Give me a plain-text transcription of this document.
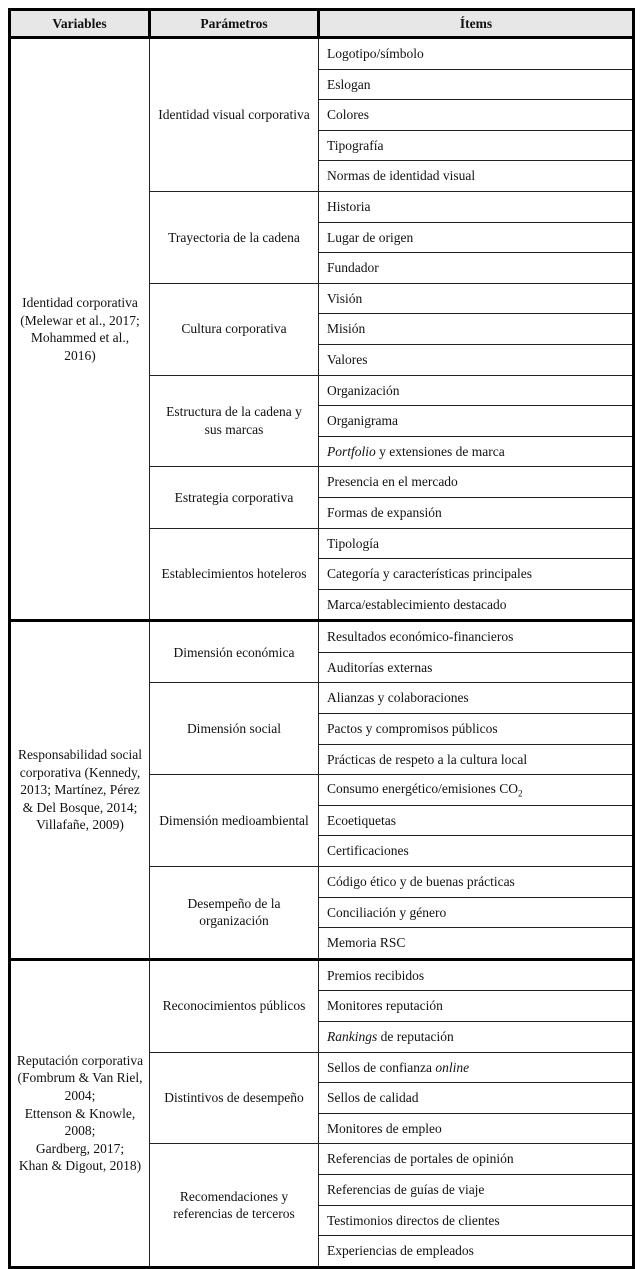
Variables	Parámetros	Ítems
Identidad corporativa
(Melewar et al., 2017;
Mohammed et al.,
2016)	Identidad visual corporativa	Logotipo/símbolo
		Eslogan
		Colores
		Tipografía
		Normas de identidad visual
	Trayectoria de la cadena	Historia
		Lugar de origen
		Fundador
	Cultura corporativa	Visión
		Misión
		Valores
	Estructura de la cadena y sus marcas	Organización
		Organigrama
		Portfolio y extensiones de marca
	Estrategia corporativa	Presencia en el mercado
		Formas de expansión
	Establecimientos hoteleros	Tipología
		Categoría y características principales
		Marca/establecimiento destacado
Responsabilidad social
corporativa (Kennedy,
2013; Martínez, Pérez
& Del Bosque, 2014;
Villafañe, 2009)	Dimensión económica	Resultados económico-financieros
		Auditorías externas
	Dimensión social	Alianzas y colaboraciones
		Pactos y compromisos públicos
		Prácticas de respeto a la cultura local
	Dimensión medioambiental	Consumo energético/emisiones $CO_2$
		Ecoetiquetas
		Certificaciones
	Desempeño de la organización	Código ético y de buenas prácticas
		Conciliación y género
		Memoria RSC
Reputación corporativa
(Fombrum & Van Riel,
2004;
Ettenson & Knowle,
2008;
Gardberg, 2017;
Khan & Digout, 2018)	Reconocimientos públicos	Premios recibidos
		Monitores reputación
		Rankings de reputación
	Distintivos de desempeño	Sellos de confianza online
		Sellos de calidad
		Monitores de empleo
	Recomendaciones y referencias de terceros	Referencias de portales de opinión
		Referencias de guías de viaje
		Testimonios directos de clientes
		Experiencias de empleados
